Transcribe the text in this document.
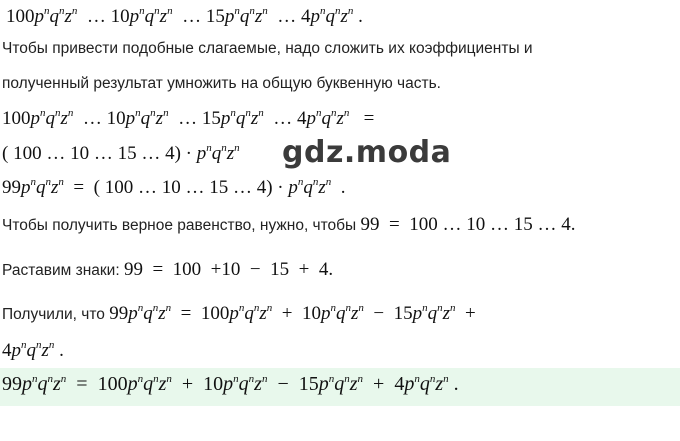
$100p^nq^nz^n$  … $10p^nq^nz^n$  … $15p^nq^nz^n$  … $4p^nq^nz^n$ .
Чтобы привести подобные слагаемые, надо сложить их коэффициенты и
полученный результат умножить на общую буквенную часть.
$100p^nq^nz^n$  … $10p^nq^nz^n$  … $15p^nq^nz^n$  … $4p^nq^nz^n$   =
( 100 … 10 … 15 … $4) \cdot p^nq^nz^n$ gdz.moda
$99p^nq^nz^n$  =  ( 100 … 10 … 15 … $4) \cdot p^nq^nz^n$  .
Чтобы получить верное равенство, нужно, чтобы 99  =  100 … 10 … 15 … 4.
Раставим знаки: 99  =  100 +10 − 15 + 4.
Получили, что $99p^nq^nz^n = 100p^nq^nz^n + 10p^nq^nz^n - 15p^nq^nz^n$ +
$4p^nq^nz^n$ .
$99p^nq^nz^n = 100p^nq^nz^n + 10p^nq^nz^n - 15p^nq^nz^n + 4p^nq^nz^n$ .
